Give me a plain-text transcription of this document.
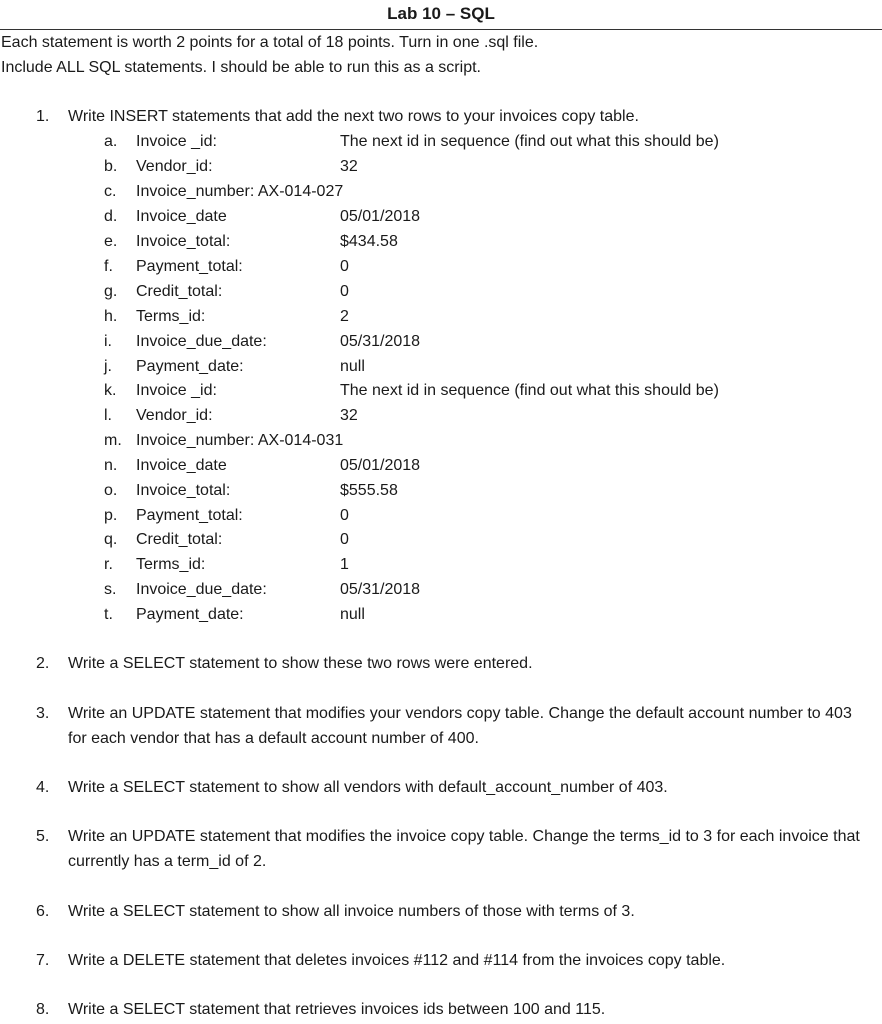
Lab 10 – SQL

Each statement is worth 2 points for a total of 18 points. Turn in one .sql file.

Include ALL SQL statements. I should be able to run this as a script.

1. Write INSERT statements that add the next two rows to your invoices copy table.

a. Invoice _id:	The next id in sequence (find out what this should be)
b. Vendor_id:	32
c. Invoice_number: AX-014-027
d. Invoice_date	05/01/2018
e. Invoice_total:	$434.58
f. Payment_total:	0
g. Credit_total:	0
h. Terms_id:	2
i. Invoice_due_date:	05/31/2018
j. Payment_date:	null
k. Invoice _id:	The next id in sequence (find out what this should be)
l. Vendor_id:	32
m. Invoice_number: AX-014-031
n. Invoice_date	05/01/2018
o. Invoice_total:	$555.58
p. Payment_total:	0
q. Credit_total:	0
r. Terms_id:	1
s. Invoice_due_date:	05/31/2018
t. Payment_date:	null
2. Write a SELECT statement to show these two rows were entered.

3. Write an UPDATE statement that modifies your vendors copy table. Change the default account number to 403 for each vendor that has a default account number of 400.

4. Write a SELECT statement to show all vendors with default_account_number of 403.

5. Write an UPDATE statement that modifies the invoice copy table. Change the terms_id to 3 for each invoice that currently has a term_id of 2.

6. Write a SELECT statement to show all invoice numbers of those with terms of 3.

7. Write a DELETE statement that deletes invoices #112 and #114 from the invoices copy table.

8. Write a SELECT statement that retrieves invoices ids between 100 and 115.
